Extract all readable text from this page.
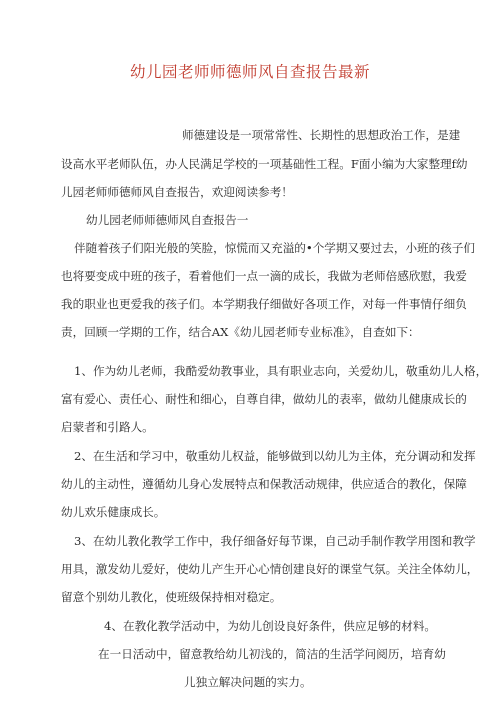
幼儿园老师师德师风自查报告最新
师德建设是一项常常性、长期性的思想政治工作，是建
设高水平老师队伍，办人民满足学校的一项基础性工程。F面小编为大家整理f幼
儿园老师师德师风自查报告，欢迎阅读参考！
幼儿园老师师德师风自查报告一
伴随着孩子们阳光般的笑脸，惊慌而又充溢的•个学期又要过去，小班的孩子们
也将要变成中班的孩子，看着他们一点一滴的成长，我做为老师倍感欣慰，我爱
我的职业也更爱我的孩子们。本学期我仔细做好各项工作，对每一件事情仔细负
责，回顾一学期的工作，结合AX《幼儿园老师专业标准》，自查如下：
1、作为幼儿老师，我酷爱幼教事业，具有职业志向，关爱幼儿，敬重幼儿人格，
富有爱心、责任心、耐性和细心，自尊自律，做幼儿的表率，做幼儿健康成长的
启蒙者和引路人。
2、在生活和学习中，敬重幼儿权益，能够做到以幼儿为主体，充分调动和发挥
幼儿的主动性，遵循幼儿身心发展特点和保教活动规律，供应适合的教化，保障
幼儿欢乐健康成长。
3、在幼儿教化教学工作中，我仔细备好每节课，自己动手制作教学用图和教学
用具，激发幼儿爱好，使幼儿产生开心心情创建良好的课堂气氛。关注全体幼儿，
留意个别幼儿教化，使班级保持相对稳定。
4、在教化教学活动中，为幼儿创设良好条件，供应足够的材料。
在一日活动中，留意教给幼儿初浅的，简洁的生活学问阅历，培育幼
儿独立解决问题的实力。
